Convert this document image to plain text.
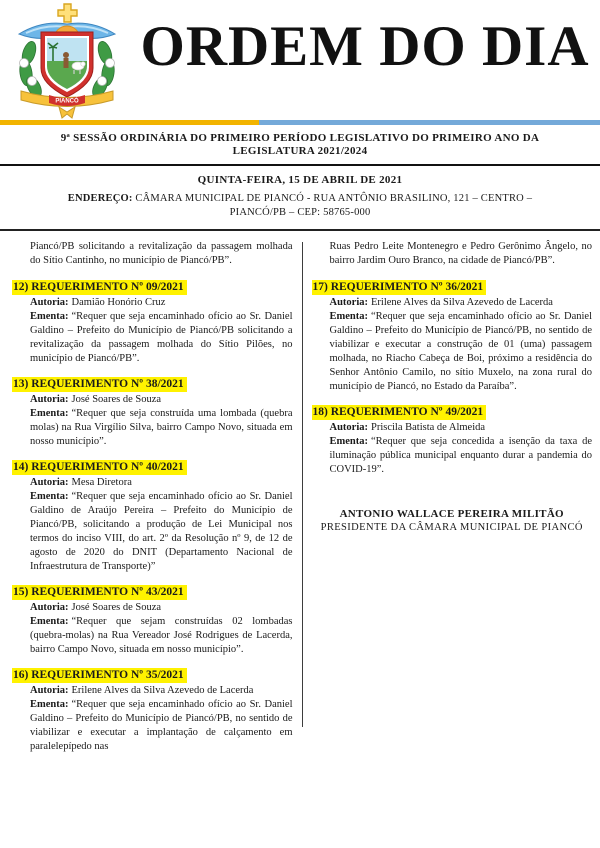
PIANCÓ
ORDEM DO DIA
9ª SESSÃO ORDINÁRIA DO PRIMEIRO PERÍODO LEGISLATIVO DO PRIMEIRO ANO DA LEGISLATURA 2021/2024
QUINTA-FEIRA, 15 DE ABRIL DE 2021
ENDEREÇO: CÂMARA MUNICIPAL DE PIANCÓ - RUA ANTÔNIO BRASILINO, 121 – CENTRO – PIANCÓ/PB – CEP: 58765-000

Piancó/PB solicitando a revitalização da passagem molhada do Sítio Cantinho, no município de Piancó/PB”.

12) REQUERIMENTO Nº 09/2021
Autoria: Damião Honório Cruz
Ementa: “Requer que seja encaminhado ofício ao Sr. Daniel Galdino – Prefeito do Município de Piancó/PB solicitando a revitalização da passagem molhada do Sítio Pilões, no município de Piancó/PB”.
13) REQUERIMENTO Nº 38/2021
Autoria: José Soares de Souza
Ementa: “Requer que seja construída uma lombada (quebra molas) na Rua Virgílio Silva, bairro Campo Novo, situada em nosso município”.
14) REQUERIMENTO Nº 40/2021
Autoria: Mesa Diretora
Ementa: “Requer que seja encaminhado ofício ao Sr. Daniel Galdino de Araújo Pereira – Prefeito do Município de Piancó/PB, solicitando a produção de Lei Municipal nos termos do inciso VIII, do art. 2º da Resolução nº 9, de 12 de agosto de 2020 do DNIT (Departamento Nacional de Infraestrutura de Transporte)”
15) REQUERIMENTO Nº 43/2021
Autoria: José Soares de Souza
Ementa: “Requer que sejam construídas 02 lombadas (quebra-molas) na Rua Vereador José Rodrigues de Lacerda, bairro Campo Novo, situada em nosso município”.
16) REQUERIMENTO Nº 35/2021
Autoria: Erilene Alves da Silva Azevedo de Lacerda
Ementa: “Requer que seja encaminhado ofício ao Sr. Daniel Galdino – Prefeito do Município de Piancó/PB, no sentido de viabilizar e executar a implantação de calçamento em paralelepípedo nas

Ruas Pedro Leite Montenegro e Pedro Gerônimo Ângelo, no bairro Jardim Ouro Branco, na cidade de Piancó/PB”.

17) REQUERIMENTO Nº 36/2021
Autoria: Erilene Alves da Silva Azevedo de Lacerda
Ementa: “Requer que seja encaminhado ofício ao Sr. Daniel Galdino – Prefeito do Município de Piancó/PB, no sentido de viabilizar e executar a construção de 01 (uma) passagem molhada, no Riacho Cabeça de Boi, próximo a residência do Senhor Antônio Camilo, no sítio Muxelo, na zona rural do município de Piancó, no Estado da Paraíba”.
18) REQUERIMENTO Nº 49/2021
Autoria: Priscila Batista de Almeida
Ementa: “Requer que seja concedida a isenção da taxa de iluminação pública municipal enquanto durar a pandemia do COVID-19”.
ANTONIO WALLACE PEREIRA MILITÃO
PRESIDENTE DA CÂMARA MUNICIPAL DE PIANCÓ
